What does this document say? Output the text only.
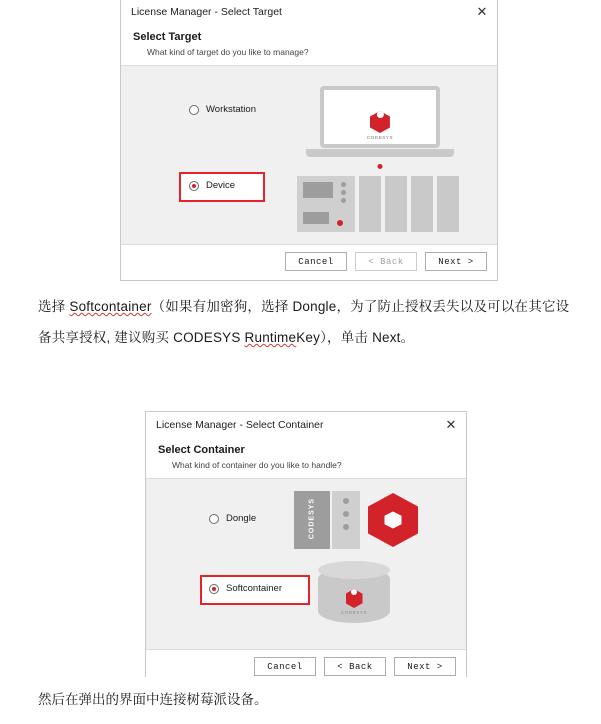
License Manager - Select Target	✕
Select Target
What kind of target do you like to manage?
CODESYS
Workstation
Device
Cancel	< Back	Next >
选择 Softcontainer（如果有加密狗，选择 Dongle，为了防止授权丢失以及可以在其它设备共享授权, 建议购买 CODESYS RuntimeKey），单击 Next。
License Manager - Select Container	✕
Select Container
What kind of container do you like to handle?
CODESYS
CODESYS
Dongle
Softcontainer
Cancel	< Back	Next >
然后在弹出的界面中连接树莓派设备。
